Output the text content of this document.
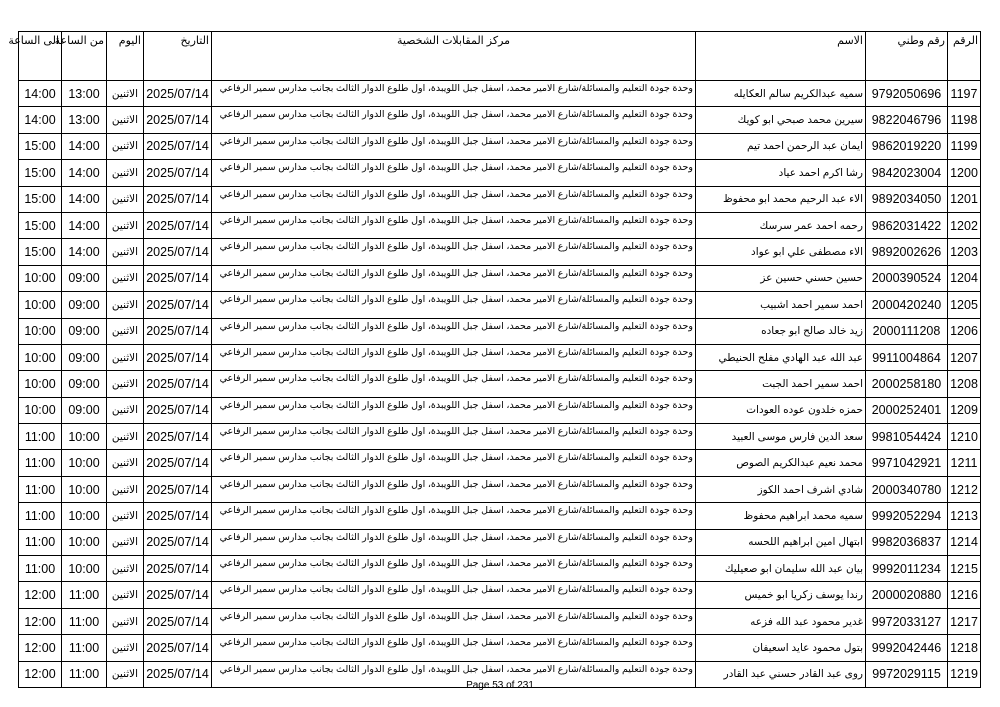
الرقم	رقم وطني	الاسم	مركز المقابلات الشخصية	التاريخ	اليوم	من الساعة	الى الساعة
1197	9792050696	سميه عبدالكريم سالم العكايله	وحدة جودة التعليم والمسائلة/شارع الامير محمد، اسفل جبل اللويبدة، اول طلوع الدوار الثالث بجانب مدارس سمير الرفاعي	2025/07/14	الاثنين	13:00	14:00
1198	9822046796	سيرين محمد صبحي ابو كويك	وحدة جودة التعليم والمسائلة/شارع الامير محمد، اسفل جبل اللويبدة، اول طلوع الدوار الثالث بجانب مدارس سمير الرفاعي	2025/07/14	الاثنين	13:00	14:00
1199	9862019220	ايمان عبد الرحمن احمد تيم	وحدة جودة التعليم والمسائلة/شارع الامير محمد، اسفل جبل اللويبدة، اول طلوع الدوار الثالث بجانب مدارس سمير الرفاعي	2025/07/14	الاثنين	14:00	15:00
1200	9842023004	رشا اكرم احمد عياد	وحدة جودة التعليم والمسائلة/شارع الامير محمد، اسفل جبل اللويبدة، اول طلوع الدوار الثالث بجانب مدارس سمير الرفاعي	2025/07/14	الاثنين	14:00	15:00
1201	9892034050	الاء عبد الرحيم محمد ابو محفوظ	وحدة جودة التعليم والمسائلة/شارع الامير محمد، اسفل جبل اللويبدة، اول طلوع الدوار الثالث بجانب مدارس سمير الرفاعي	2025/07/14	الاثنين	14:00	15:00
1202	9862031422	رحمه احمد عمر سرسك	وحدة جودة التعليم والمسائلة/شارع الامير محمد، اسفل جبل اللويبدة، اول طلوع الدوار الثالث بجانب مدارس سمير الرفاعي	2025/07/14	الاثنين	14:00	15:00
1203	9892002626	الاء مصطفى علي ابو عواد	وحدة جودة التعليم والمسائلة/شارع الامير محمد، اسفل جبل اللويبدة، اول طلوع الدوار الثالث بجانب مدارس سمير الرفاعي	2025/07/14	الاثنين	14:00	15:00
1204	2000390524	حسين حسني حسين عز	وحدة جودة التعليم والمسائلة/شارع الامير محمد، اسفل جبل اللويبدة، اول طلوع الدوار الثالث بجانب مدارس سمير الرفاعي	2025/07/14	الاثنين	09:00	10:00
1205	2000420240	احمد سمير احمد اشبيب	وحدة جودة التعليم والمسائلة/شارع الامير محمد، اسفل جبل اللويبدة، اول طلوع الدوار الثالث بجانب مدارس سمير الرفاعي	2025/07/14	الاثنين	09:00	10:00
1206	2000111208	زيد خالد صالح ابو جعاده	وحدة جودة التعليم والمسائلة/شارع الامير محمد، اسفل جبل اللويبدة، اول طلوع الدوار الثالث بجانب مدارس سمير الرفاعي	2025/07/14	الاثنين	09:00	10:00
1207	9911004864	عبد الله عبد الهادي مفلح الحنيطي	وحدة جودة التعليم والمسائلة/شارع الامير محمد، اسفل جبل اللويبدة، اول طلوع الدوار الثالث بجانب مدارس سمير الرفاعي	2025/07/14	الاثنين	09:00	10:00
1208	2000258180	احمد سمير احمد الجبت	وحدة جودة التعليم والمسائلة/شارع الامير محمد، اسفل جبل اللويبدة، اول طلوع الدوار الثالث بجانب مدارس سمير الرفاعي	2025/07/14	الاثنين	09:00	10:00
1209	2000252401	حمزه خلدون عوده العودات	وحدة جودة التعليم والمسائلة/شارع الامير محمد، اسفل جبل اللويبدة، اول طلوع الدوار الثالث بجانب مدارس سمير الرفاعي	2025/07/14	الاثنين	09:00	10:00
1210	9981054424	سعد الدين فارس موسى العبيد	وحدة جودة التعليم والمسائلة/شارع الامير محمد، اسفل جبل اللويبدة، اول طلوع الدوار الثالث بجانب مدارس سمير الرفاعي	2025/07/14	الاثنين	10:00	11:00
1211	9971042921	محمد نعيم عبدالكريم الصوص	وحدة جودة التعليم والمسائلة/شارع الامير محمد، اسفل جبل اللويبدة، اول طلوع الدوار الثالث بجانب مدارس سمير الرفاعي	2025/07/14	الاثنين	10:00	11:00
1212	2000340780	شادي اشرف احمد الكوز	وحدة جودة التعليم والمسائلة/شارع الامير محمد، اسفل جبل اللويبدة، اول طلوع الدوار الثالث بجانب مدارس سمير الرفاعي	2025/07/14	الاثنين	10:00	11:00
1213	9992052294	سميه محمد ابراهيم محفوظ	وحدة جودة التعليم والمسائلة/شارع الامير محمد، اسفل جبل اللويبدة، اول طلوع الدوار الثالث بجانب مدارس سمير الرفاعي	2025/07/14	الاثنين	10:00	11:00
1214	9982036837	ابتهال امين ابراهيم اللحسه	وحدة جودة التعليم والمسائلة/شارع الامير محمد، اسفل جبل اللويبدة، اول طلوع الدوار الثالث بجانب مدارس سمير الرفاعي	2025/07/14	الاثنين	10:00	11:00
1215	9992011234	بيان عبد الله سليمان ابو صعيليك	وحدة جودة التعليم والمسائلة/شارع الامير محمد، اسفل جبل اللويبدة، اول طلوع الدوار الثالث بجانب مدارس سمير الرفاعي	2025/07/14	الاثنين	10:00	11:00
1216	2000020880	رندا يوسف زكريا ابو خميس	وحدة جودة التعليم والمسائلة/شارع الامير محمد، اسفل جبل اللويبدة، اول طلوع الدوار الثالث بجانب مدارس سمير الرفاعي	2025/07/14	الاثنين	11:00	12:00
1217	9972033127	غدير محمود عبد الله فزعه	وحدة جودة التعليم والمسائلة/شارع الامير محمد، اسفل جبل اللويبدة، اول طلوع الدوار الثالث بجانب مدارس سمير الرفاعي	2025/07/14	الاثنين	11:00	12:00
1218	9992042446	بتول محمود عايد اسعيفان	وحدة جودة التعليم والمسائلة/شارع الامير محمد، اسفل جبل اللويبدة، اول طلوع الدوار الثالث بجانب مدارس سمير الرفاعي	2025/07/14	الاثنين	11:00	12:00
1219	9972029115	روى عبد القادر حسني عبد القادر	وحدة جودة التعليم والمسائلة/شارع الامير محمد، اسفل جبل اللويبدة، اول طلوع الدوار الثالث بجانب مدارس سمير الرفاعي	2025/07/14	الاثنين	11:00	12:00
Page 53 of 231
